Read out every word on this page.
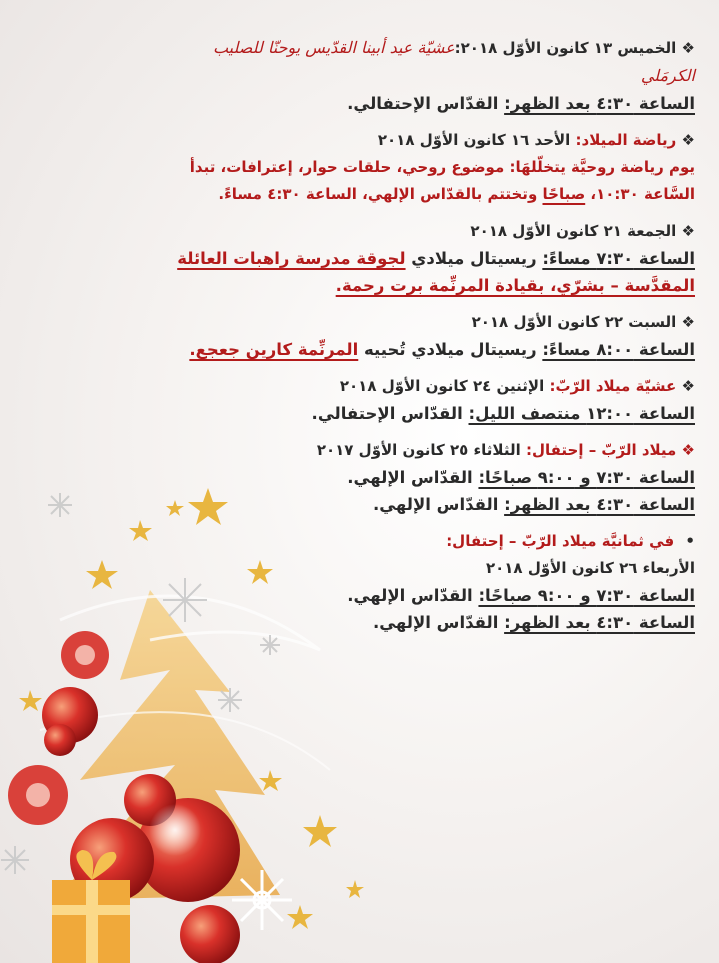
❖ الخميس ١٣ كانون الأوّل ٢٠١٨:عشيّة عيد أبينا القدّيس يوحنّا للصليب

الكرمَلي

الساعة ٤:٣٠ بعد الظهر: القدّاس الإحتفالي.

❖ رياضة الميلاد: الأحد ١٦ كانون الأوّل ٢٠١٨

يوم رياضة روحيَّة يتخلّلهَا: موضوع روحي، حلقات حوار، إعترافات، تبدأ

السَّاعة ١٠:٣٠، صباحًا وتختتم بالقدّاس الإلهي، الساعة ٤:٣٠ مساءً.

❖ الجمعة ٢١ كانون الأوّل ٢٠١٨

الساعة ٧:٣٠ مساءً: ريسيتال ميلادي لجوقة مدرسة راهبات العائلة

المقدَّسة – بشرّي، بقيادة المرنِّمة برت رحمة.

❖ السبت ٢٢ كانون الأوّل ٢٠١٨

الساعة ٨:٠٠ مساءً: ريسيتال ميلادي تُحييه المرنِّمة كارين جعجع.

❖ عشيّة ميلاد الرّبّ: الإثنين ٢٤ كانون الأوّل ٢٠١٨

الساعة ١٢:٠٠ منتصف الليل: القدّاس الإحتفالي.

❖ ميلاد الرّبّ – إحتفال: الثلاثاء ٢٥ كانون الأوّل ٢٠١٧

الساعة ٧:٣٠ و ٩:٠٠ صباحًا: القدّاس الإلهي.

الساعة ٤:٣٠ بعد الظهر: القدّاس الإلهي.

• في ثمانيَّة ميلاد الرّبّ – إحتفال:

الأربعاء ٢٦ كانون الأوّل ٢٠١٨

الساعة ٧:٣٠ و ٩:٠٠ صباحًا: القدّاس الإلهي.

الساعة ٤:٣٠ بعد الظهر: القدّاس الإلهي.
